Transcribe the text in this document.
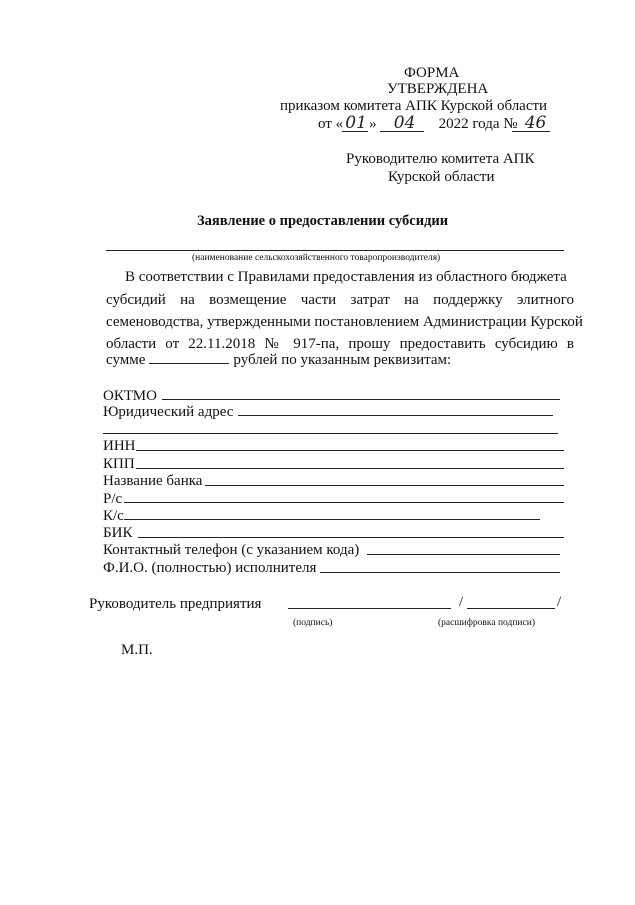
ФОРМА
УТВЕРЖДЕНА
приказом комитета АПК Курской области
от « 01 » 04 2022 года № 46
Руководителю комитета АПК
Курской области
Заявление о предоставлении субсидии
(наименование сельскохозяйственного товаропроизводителя)
В соответствии с Правилами предоставления из областного бюджета
субсидий на возмещение части затрат на поддержку элитного
семеноводства, утвержденными постановлением Администрации Курской
области от 22.11.2018 № 917-па, прошу предоставить субсидию в
сумме	рублей по указанным реквизитам:
ОКТМО
Юридический адрес
ИНН
КПП
Название банка
Р/с
К/с
БИК
Контактный телефон (с указанием кода)
Ф.И.О. (полностью) исполнителя
Руководитель предприятия	/	/
(подпись)	(расшифровка подписи)
М.П.
